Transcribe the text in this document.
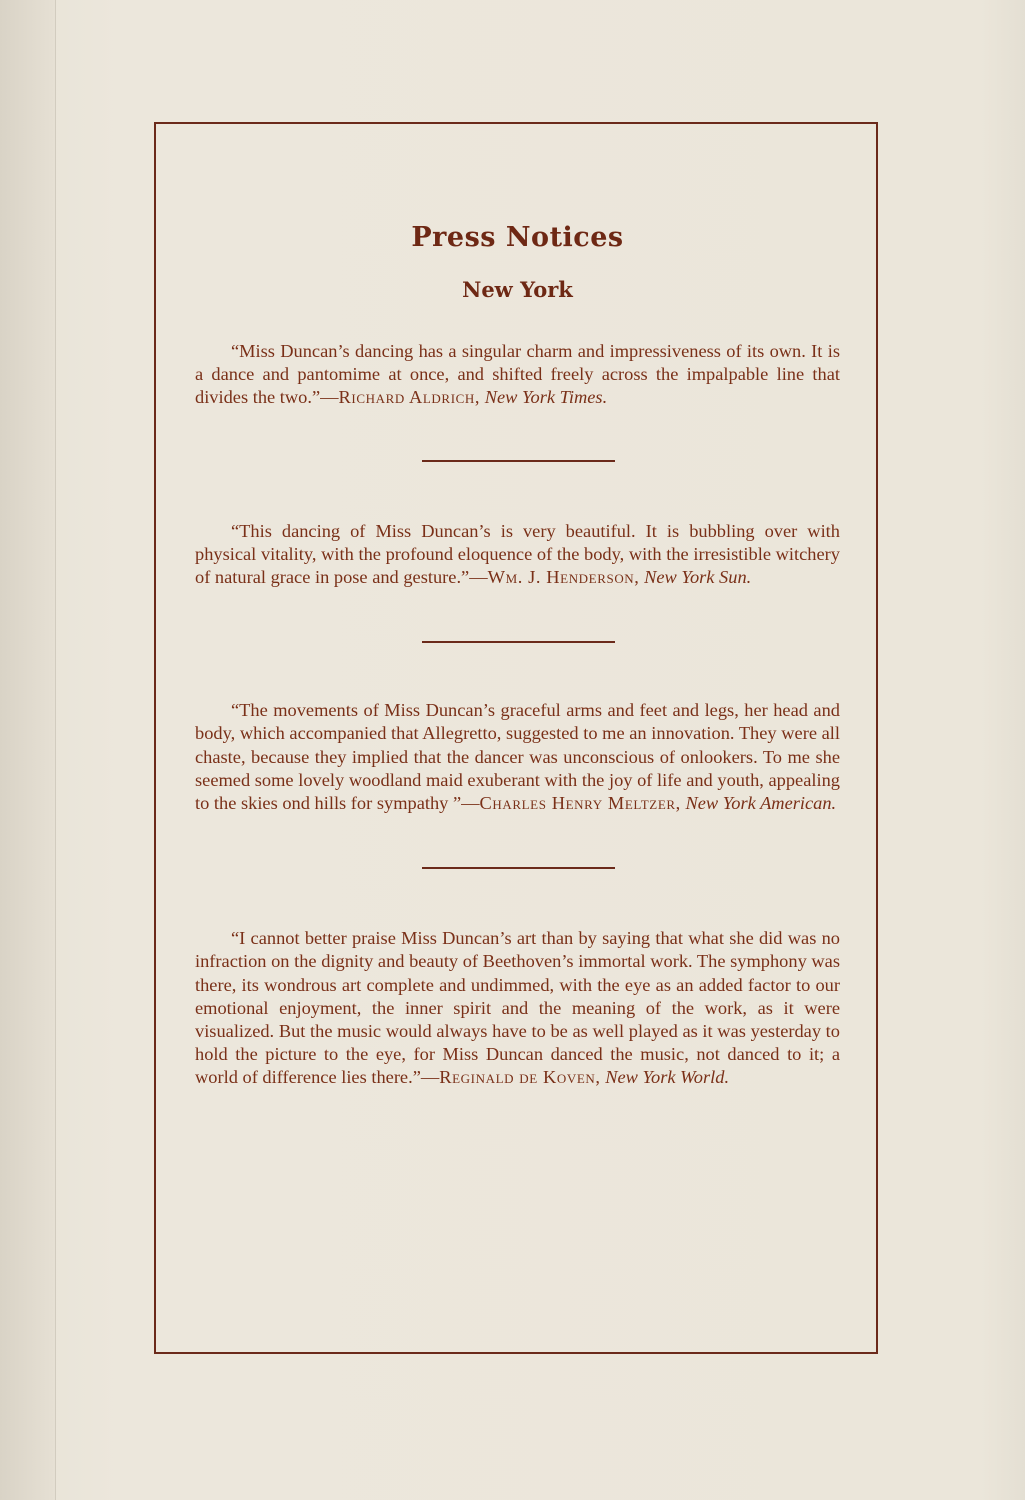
Press Notices
New York

“Miss Duncan’s dancing has a singular charm and impressiveness of its own. It is a dance and pantomime at once, and shifted freely across the impalpable line that divides the two.”—Richard Aldrich, New York Times.

“This dancing of Miss Duncan’s is very beautiful. It is bubbling over with physical vitality, with the profound eloquence of the body, with the irresistible witchery of natural grace in pose and gesture.”—Wm. J. Henderson, New York Sun.

“The movements of Miss Duncan’s graceful arms and feet and legs, her head and body, which accompanied that Allegretto, suggested to me an innovation. They were all chaste, because they implied that the dancer was unconscious of onlookers. To me she seemed some lovely woodland maid exuberant with the joy of life and youth, appealing to the skies ond hills for sympathy ”—Charles Henry Meltzer, New York American.

“I cannot better praise Miss Duncan’s art than by saying that what she did was no infraction on the dignity and beauty of Beethoven’s immortal work. The symphony was there, its wondrous art complete and undimmed, with the eye as an added factor to our emotional enjoyment, the inner spirit and the meaning of the work, as it were visualized. But the music would always have to be as well played as it was yesterday to hold the picture to the eye, for Miss Duncan danced the music, not danced to it; a world of difference lies there.”—Reginald de Koven, New York World.
